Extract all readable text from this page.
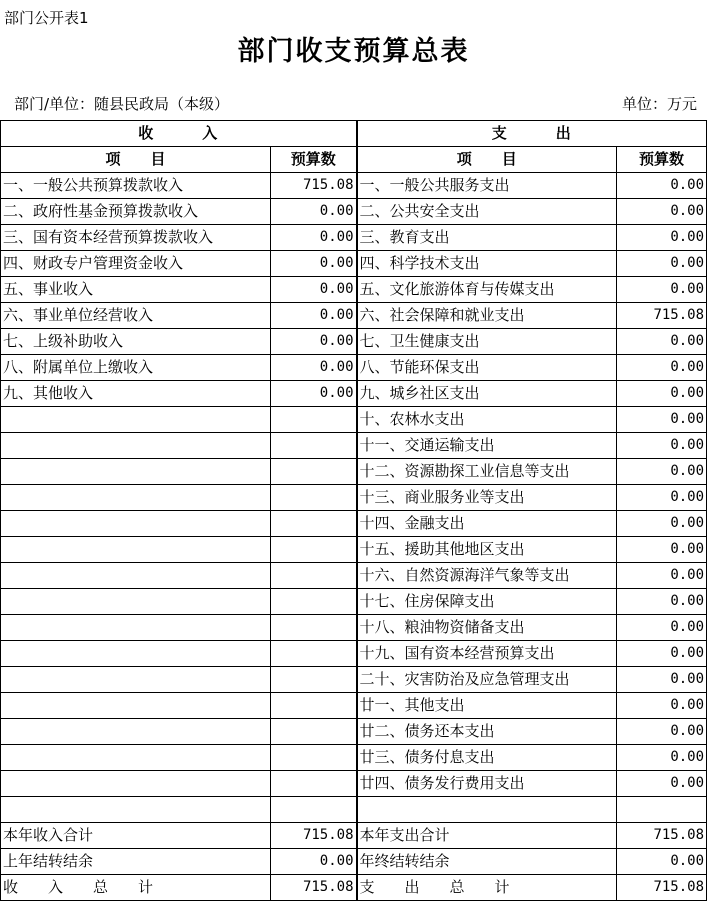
部门公开表1
部门收支预算总表
部门/单位：随县民政局（本级）	单位：万元
收　　　入		支　　　出	
项　　目	预算数	项　　目	预算数
一、一般公共预算拨款收入	715.08	一、一般公共服务支出	0.00
二、政府性基金预算拨款收入	0.00	二、公共安全支出	0.00
三、国有资本经营预算拨款收入	0.00	三、教育支出	0.00
四、财政专户管理资金收入	0.00	四、科学技术支出	0.00
五、事业收入	0.00	五、文化旅游体育与传媒支出	0.00
六、事业单位经营收入	0.00	六、社会保障和就业支出	715.08
七、上级补助收入	0.00	七、卫生健康支出	0.00
八、附属单位上缴收入	0.00	八、节能环保支出	0.00
九、其他收入	0.00	九、城乡社区支出	0.00
		十、农林水支出	0.00
		十一、交通运输支出	0.00
		十二、资源勘探工业信息等支出	0.00
		十三、商业服务业等支出	0.00
		十四、金融支出	0.00
		十五、援助其他地区支出	0.00
		十六、自然资源海洋气象等支出	0.00
		十七、住房保障支出	0.00
		十八、粮油物资储备支出	0.00
		十九、国有资本经营预算支出	0.00
		二十、灾害防治及应急管理支出	0.00
		廿一、其他支出	0.00
		廿二、债务还本支出	0.00
		廿三、债务付息支出	0.00
		廿四、债务发行费用支出	0.00

本年收入合计	715.08	本年支出合计	715.08
上年结转结余	0.00	年终结转结余	0.00
收　　入　　总　　计	715.08	支　　出　　总　　计	715.08
